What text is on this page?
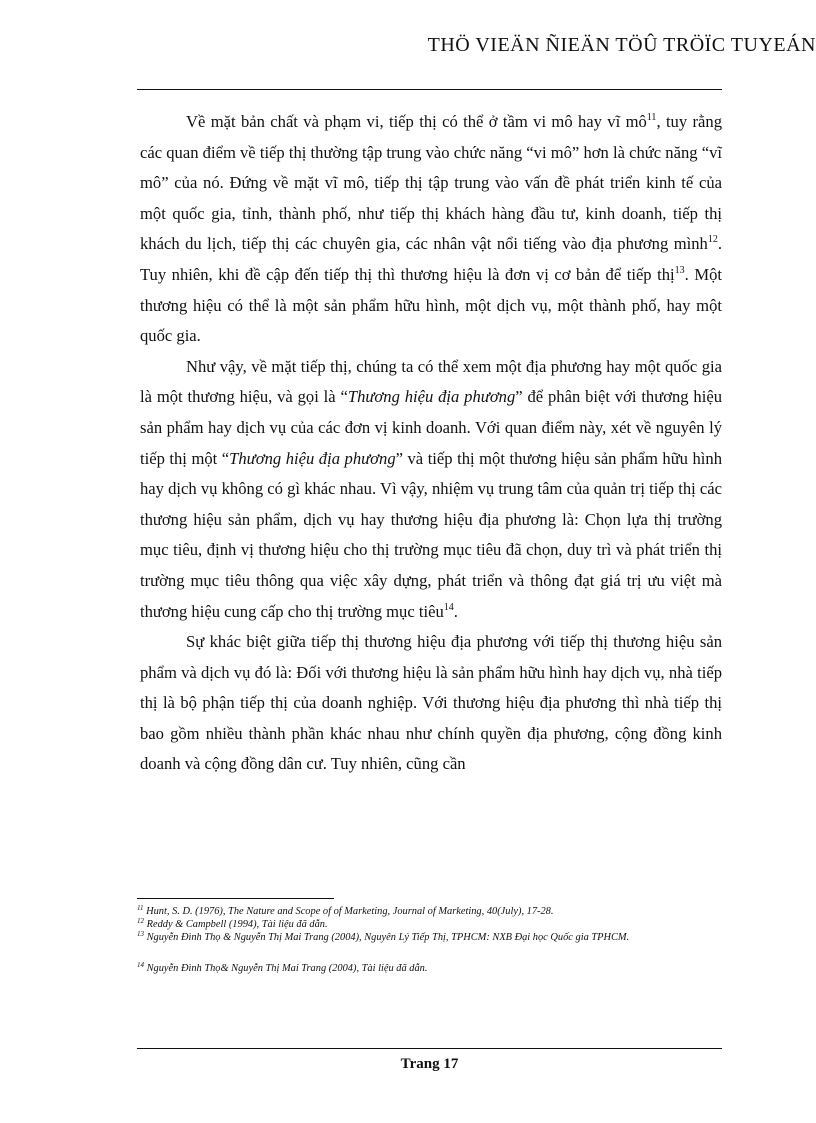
THÖ VIEÄN ÑIEÄN TÖÛ TRÖÏC TUYEÁN

Về mặt bản chất và phạm vi, tiếp thị có thể ở tầm vi mô hay vĩ $mô^{11}$, tuy rằng các quan điểm về tiếp thị thường tập trung vào chức năng “vi mô” hơn là chức năng “vĩ mô” của nó. Đứng về mặt vĩ mô, tiếp thị tập trung vào vấn đề phát triển kinh tế của một quốc gia, tỉnh, thành phố, như tiếp thị khách hàng đầu tư, kinh doanh, tiếp thị khách du lịch, tiếp thị các chuyên gia, các nhân vật nổi tiếng vào địa phương mình$^{12}$. Tuy nhiên, khi đề cập đến tiếp thị thì thương hiệu là đơn vị cơ bản để tiếp thị$^{13}$. Một thương hiệu có thể là một sản phẩm hữu hình, một dịch vụ, một thành phố, hay một quốc gia.

Như vậy, về mặt tiếp thị, chúng ta có thể xem một địa phương hay một quốc gia là một thương hiệu, và gọi là “Thương hiệu địa phương” để phân biệt với thương hiệu sản phẩm hay dịch vụ của các đơn vị kinh doanh. Với quan điểm này, xét về nguyên lý tiếp thị một “Thương hiệu địa phương” và tiếp thị một thương hiệu sản phẩm hữu hình hay dịch vụ không có gì khác nhau. Vì vậy, nhiệm vụ trung tâm của quản trị tiếp thị các thương hiệu sản phẩm, dịch vụ hay thương hiệu địa phương là: Chọn lựa thị trường mục tiêu, định vị thương hiệu cho thị trường mục tiêu đã chọn, duy trì và phát triển thị trường mục tiêu thông qua việc xây dựng, phát triển và thông đạt giá trị ưu việt mà thương hiệu cung cấp cho thị trường mục tiêu$^{14}$.

Sự khác biệt giữa tiếp thị thương hiệu địa phương với tiếp thị thương hiệu sản phẩm và dịch vụ đó là: Đối với thương hiệu là sản phẩm hữu hình hay dịch vụ, nhà tiếp thị là bộ phận tiếp thị của doanh nghiệp. Với thương hiệu địa phương thì nhà tiếp thị bao gồm nhiều thành phần khác nhau như chính quyền địa phương, cộng đồng kinh doanh và cộng đồng dân cư. Tuy nhiên, cũng cần

$^{11}$ Hunt, S. D. (1976), The Nature and Scope of of Marketing, Journal of Marketing, 40(July), 17-28.

$^{12}$ Reddy & Campbell (1994), Tài liệu đã dẫn.

$^{13}$ Nguyễn Đình Thọ & Nguyễn Thị Mai Trang (2004), Nguyên Lý Tiếp Thị, TPHCM: NXB Đại học Quốc gia TPHCM.

$^{14}$ Nguyễn Đình Thọ& Nguyễn Thị Mai Trang (2004), Tài liệu đã dẫn.

Trang 17
